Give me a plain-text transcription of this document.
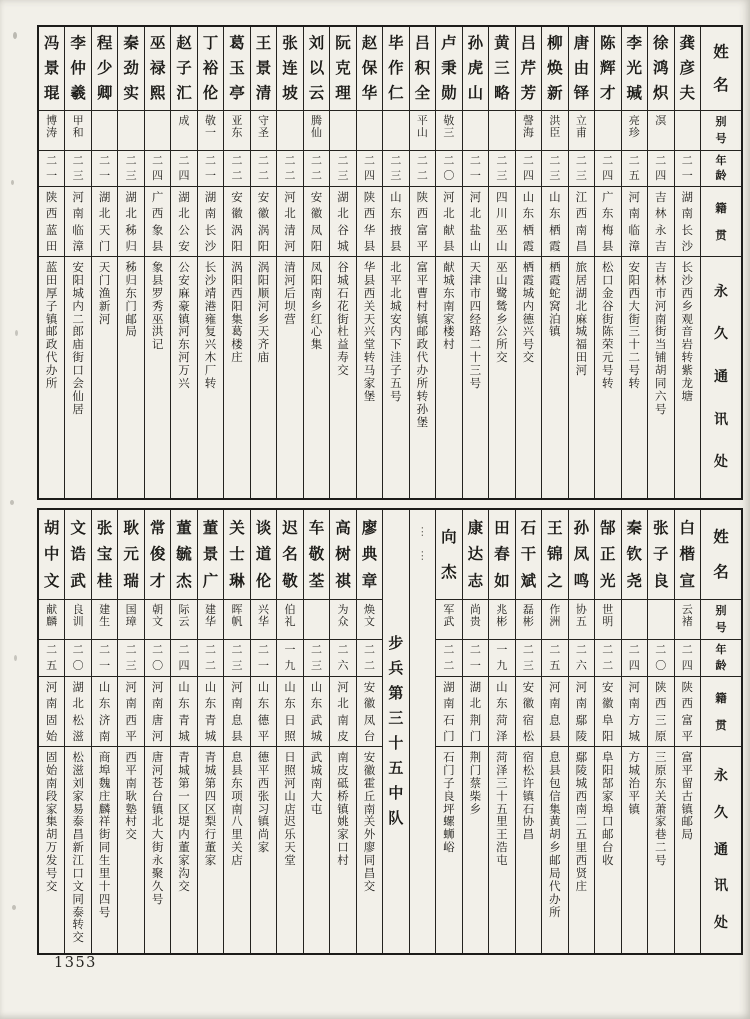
姓
名
别
号
年
龄
籍
贯
永
久
通
讯
处
龚
彦
夫
二
一
湖
南
长
沙
长
沙
西
乡
观
音
岩
转
紫
龙
塘
徐
鸿
炽
凕
二
四
吉
林
永
吉
吉
林
市
河
南
街
当
铺
胡
同
六
号
李
光
瑊
亮
珍
二
五
河
南
临
漳
安
阳
西
大
街
三
十
二
号
转
陈
辉
才
二
四
广
东
梅
县
松
口
金
谷
街
陈
荣
元
号
转
唐
由
铎
立
甫
二
三
江
西
南
昌
旅
居
湖
北
麻
城
福
田
河
柳
焕
新
洪
臣
二
三
山
东
栖
霞
栖
霞
蛇
窝
泊
镇
吕
芹
芳
謦
海
二
四
山
东
栖
霞
栖
霞
城
内
德
兴
号
交
黄
三
略
二
三
四
川
巫
山
巫
山
鹭
鸶
乡
公
所
交
孙
虎
山
二
一
河
北
盐
山
天
津
市
四
经
路
二
十
三
号
卢
秉
勋
敬
三
二
〇
河
北
献
县
献
城
东
南
家
楼
村
吕
积
全
平
山
二
二
陕
西
富
平
富
平
曹
村
镇
邮
政
代
办
所
转
孙
堡
毕
作
仁
二
三
山
东
掖
县
北
平
北
城
安
内
下
洼
子
五
号
赵
保
华
二
四
陕
西
华
县
华
县
西
关
天
兴
堂
转
马
家
堡
阮
克
理
二
三
湖
北
谷
城
谷
城
石
花
街
杜
益
寿
交
刘
以
云
腾
仙
二
二
安
徽
凤
阳
凤
阳
南
乡
红
心
集
张
连
坡
二
二
河
北
清
河
清
河
后
坝
营
王
景
清
守
圣
二
二
安
徽
涡
阳
涡
阳
顺
河
乡
天
齐
庙
葛
玉
亭
亚
东
二
二
安
徽
涡
阳
涡
阳
西
阳
集
葛
楼
庄
丁
裕
伦
敬
一
二
一
湖
南
长
沙
长
沙
靖
港
雍
复
兴
木
厂
转
赵
子
汇
成
二
四
湖
北
公
安
公
安
麻
豪
镇
河
东
河
万
兴
巫
禄
熙
二
四
广
西
象
县
象
县
罗
秀
巫
洪
记
秦
劲
实
二
三
湖
北
秭
归
秭
归
东
门
邮
局
程
少
卿
二
一
湖
北
天
门
天
门
渔
新
河
李
仲
羲
甲
和
二
三
河
南
临
漳
安
阳
城
内
二
郎
庙
街
口
会
仙
居
冯
景
琨
博
涛
二
一
陕
西
蓝
田
蓝
田
厚
子
镇
邮
政
代
办
所
姓
名
别
号
年
龄
籍
贯
永
久
通
讯
处
白
楷
宣
云
褚
二
四
陕
西
富
平
富
平
留
古
镇
邮
局
张
子
良
二
〇
陕
西
三
原
三
原
东
关
萧
家
巷
二
号
秦
钦
尧
二
四
河
南
方
城
方
城
治
平
镇
郜
正
光
世
明
二
二
安
徽
阜
阳
阜
阳
郜
家
埠
口
邮
台
收
孙
凤
鸣
协
五
二
六
河
南
鄢
陵
鄢
陵
城
西
南
二
五
里
西
贤
庄
王
锦
之
作
洲
二
五
河
南
息
县
息
县
包
信
集
黄
胡
乡
邮
局
代
办
所
石
干
斌
磊
彬
二
三
安
徽
宿
松
宿
松
许
镇
石
协
昌
田
春
如
兆
彬
一
九
山
东
菏
泽
菏
泽
三
十
五
里
王
浩
屯
康
达
志
尚
贵
二
一
湖
北
荆
门
荆
门
蔡
柴
乡
向
杰
军
武
二
二
湖
南
石
门
石
门
子
良
坪
螺
蛳
峪
⋮
⋮
步
兵
第
三
十
五
中
队
廖
典
章
焕
文
二
二
安
徽
凤
台
安
徽
霍
丘
南
关
外
廖
同
昌
交
高
树
祺
为
众
二
六
河
北
南
皮
南
皮
砥
桥
镇
姚
家
口
村
车
敬
荃
二
三
山
东
武
城
武
城
南
大
屯
迟
名
敬
伯
礼
一
九
山
东
日
照
日
照
河
山
店
迟
乐
天
堂
谈
道
伦
兴
华
二
一
山
东
德
平
德
平
西
张
习
镇
尚
家
关
士
琳
晖
帆
二
三
河
南
息
县
息
县
东
项
南
八
里
关
店
董
景
广
建
华
二
二
山
东
青
城
青
城
第
四
区
梨
行
董
家
董
毓
杰
际
云
二
四
山
东
青
城
青
城
第
一
区
堤
内
董
家
沟
交
常
俊
才
朝
文
二
〇
河
南
唐
河
唐
河
苍
台
镇
北
大
街
永
聚
久
号
耿
元
瑞
国
璋
二
三
河
南
西
平
西
平
南
耿
塾
村
交
张
宝
桂
建
生
二
一
山
东
济
南
商
埠
魏
庄
麟
祥
街
同
生
里
十
四
号
文
诰
武
良
训
二
〇
湖
北
松
滋
松
滋
刘
家
易
泰
昌
新
江
口
文
同
泰
转
交
胡
中
文
献
麟
二
五
河
南
固
始
固
始
南
段
家
集
胡
万
发
号
交
1353
